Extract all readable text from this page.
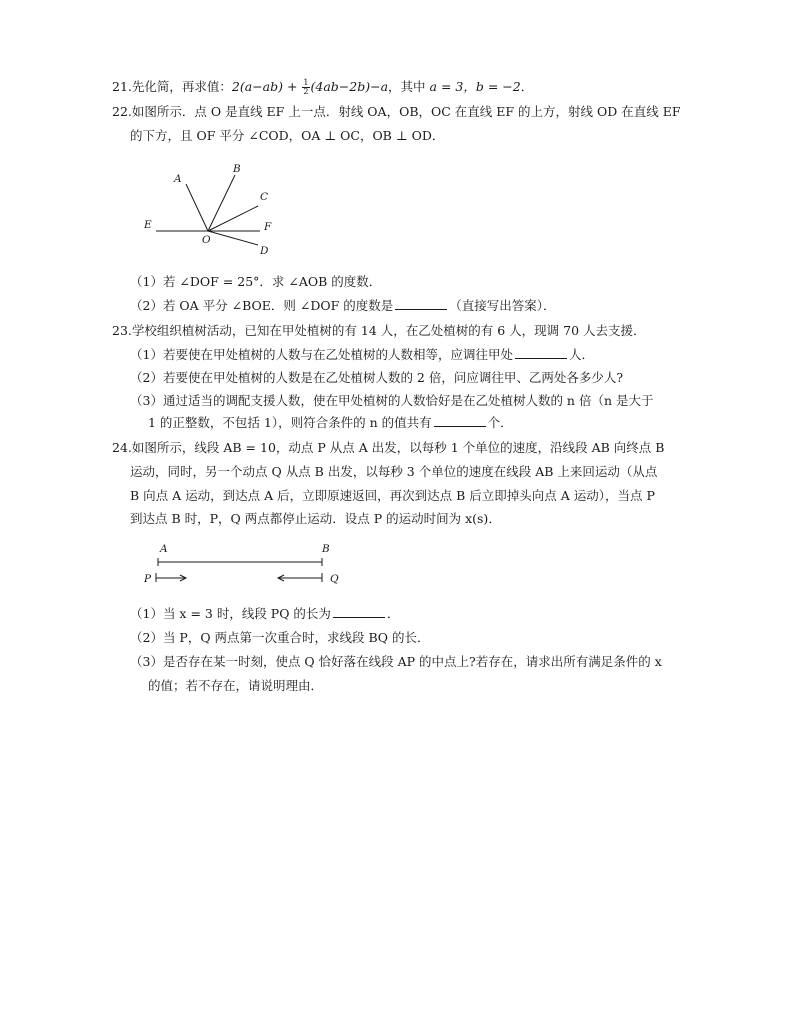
21.先化简，再求值：$2(a-ab) + \frac{1}{2} (4ab-2b)-a$，其中 a = 3，b = −2．
22.如图所示．点 O 是直线 EF 上一点．射线 OA，OB，OC 在直线 EF 的上方，射线 OD 在直线 EF
的下方，且 OF 平分 ∠COD，OA ⊥ OC，OB ⊥ OD．
A
B
C
E
O
F
D
（1）若 ∠DOF = 25°．求 ∠AOB 的度数．
（2）若 OA 平分 ∠BOE．则 ∠DOF 的度数是	（直接写出答案）．
23.学校组织植树活动，已知在甲处植树的有 14 人，在乙处植树的有 6 人，现调 70 人去支援．
（1）若要使在甲处植树的人数与在乙处植树的人数相等，应调往甲处	人．
（2）若要使在甲处植树的人数是在乙处植树人数的 2 倍，问应调往甲、乙两处各多少人?
（3）通过适当的调配支援人数，使在甲处植树的人数恰好是在乙处植树人数的 n 倍（n 是大于
1 的正整数，不包括 1），则符合条件的 n 的值共有	个．
24.如图所示，线段 AB = 10，动点 P 从点 A 出发，以每秒 1 个单位的速度，沿线段 AB 向终点 B
运动，同时，另一个动点 Q 从点 B 出发，以每秒 3 个单位的速度在线段 AB 上来回运动（从点
B 向点 A 运动，到达点 A 后，立即原速返回，再次到达点 B 后立即掉头向点 A 运动），当点 P
到达点 B 时，P，Q 两点都停止运动．设点 P 的运动时间为 x(s)．
A	B
P	Q
（1）当 x = 3 时，线段 PQ 的长为	．
（2）当 P，Q 两点第一次重合时，求线段 BQ 的长．
（3）是否存在某一时刻，使点 Q 恰好落在线段 AP 的中点上?若存在，请求出所有满足条件的 x
的值；若不存在，请说明理由．
